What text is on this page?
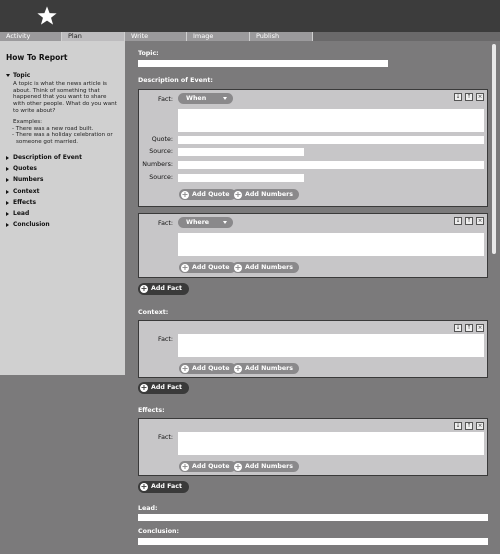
Activity	Plan	Write	Image	Publish
How To Report
Topic
A topic is what the news article is about. Think of something that happened that you want to share with other people. What do you want to write about?
Examples:
- There was a new road built.
- There was a holiday celebration or someone got married.
Description of Event
Quotes
Numbers
Context
Effects
Lead
Conclusion
Topic:
Description of Event:
↓	↑	×
Fact:	When
Quote:
Source:
Numbers:
Source:
+ Add Quote + Add Numbers
↓	↑	×
Fact:	Where
+ Add Quote + Add Numbers
+ Add Fact
Context:
↓	↑	×
Fact:
+ Add Quote + Add Numbers
+ Add Fact
Effects:
↓	↑	×
Fact:
+ Add Quote + Add Numbers
+ Add Fact
Lead:
Conclusion:
